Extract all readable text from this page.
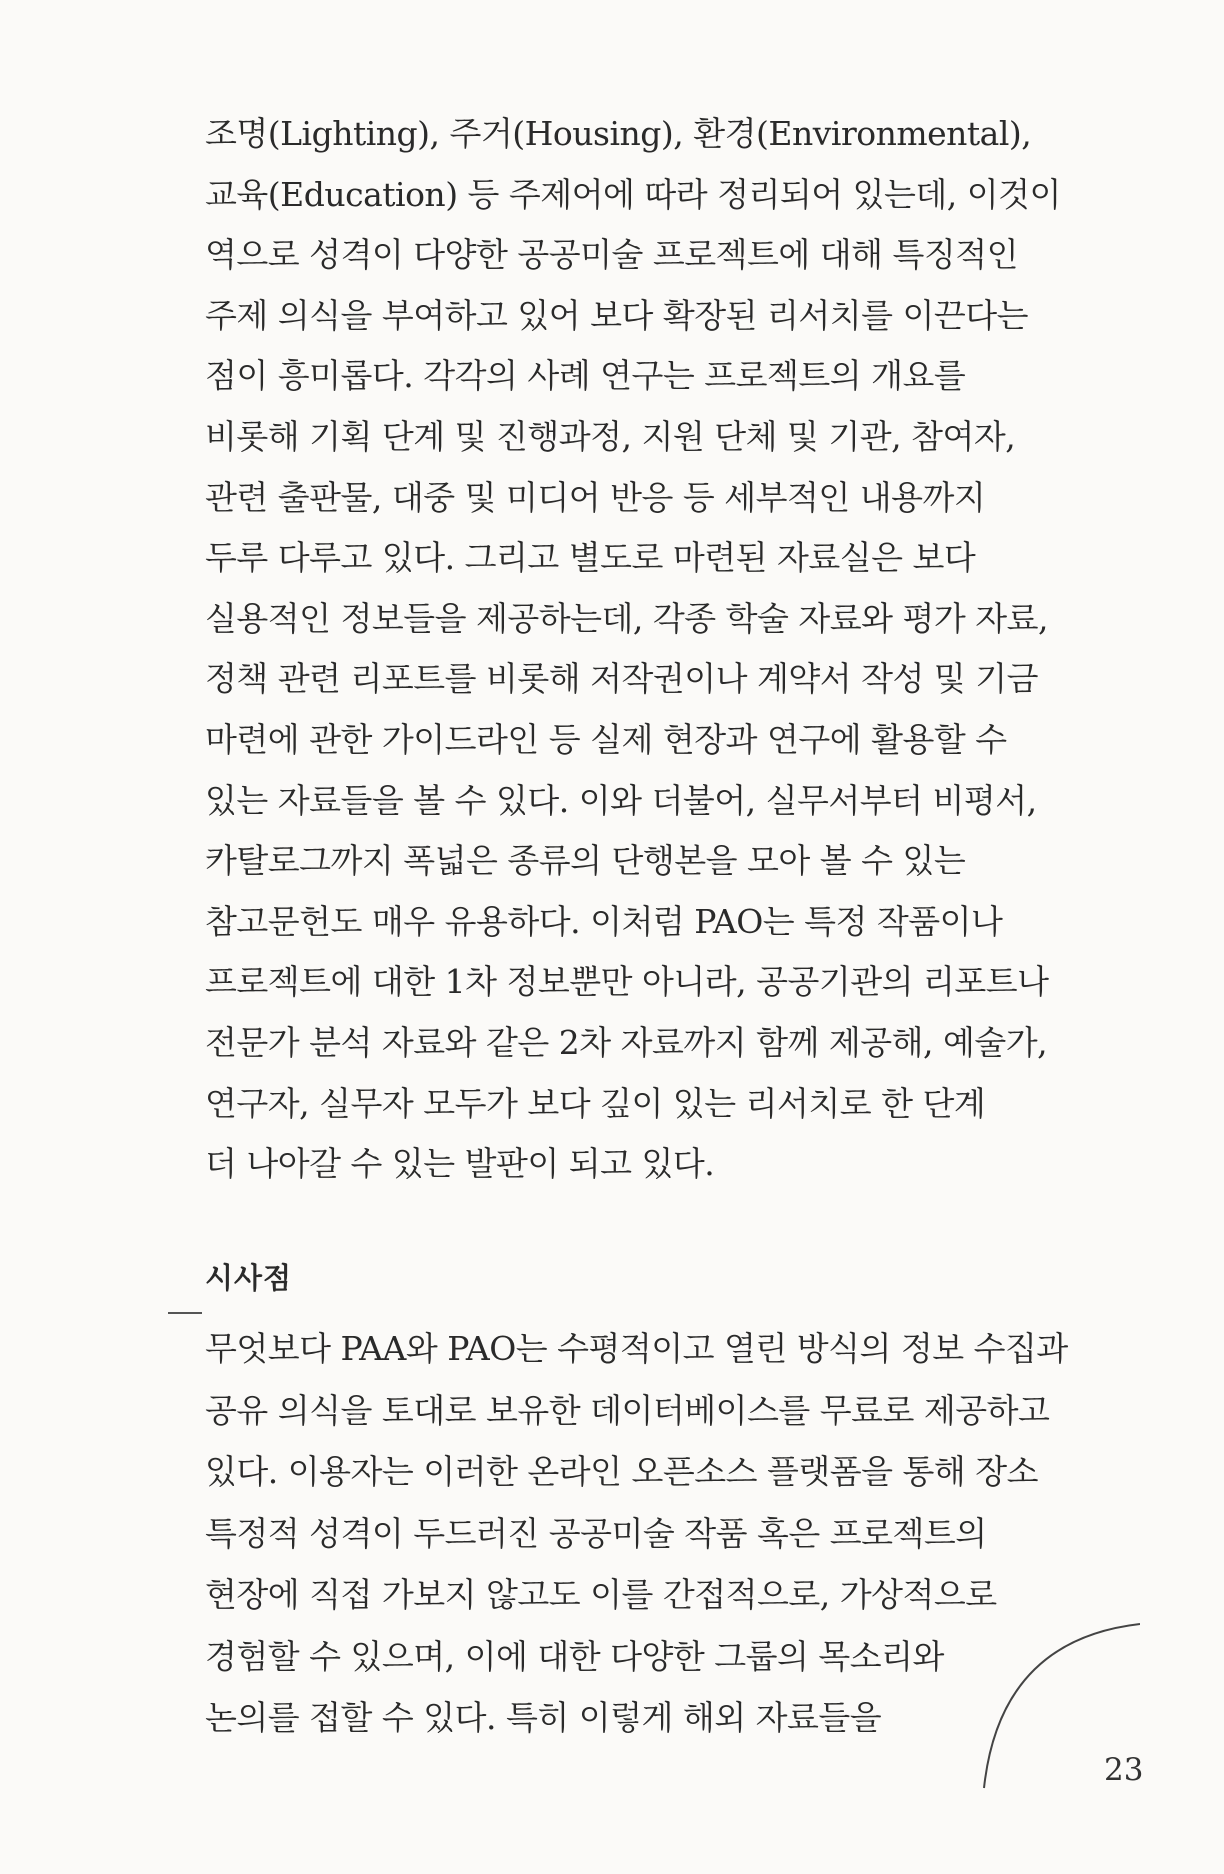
조명(Lighting), 주거(Housing), 환경(Environmental),
교육(Education) 등 주제어에 따라 정리되어 있는데, 이것이
역으로 성격이 다양한 공공미술 프로젝트에 대해 특징적인
주제 의식을 부여하고 있어 보다 확장된 리서치를 이끈다는
점이 흥미롭다. 각각의 사례 연구는 프로젝트의 개요를
비롯해 기획 단계 및 진행과정, 지원 단체 및 기관, 참여자,
관련 출판물, 대중 및 미디어 반응 등 세부적인 내용까지
두루 다루고 있다. 그리고 별도로 마련된 자료실은 보다
실용적인 정보들을 제공하는데, 각종 학술 자료와 평가 자료,
정책 관련 리포트를 비롯해 저작권이나 계약서 작성 및 기금
마련에 관한 가이드라인 등 실제 현장과 연구에 활용할 수
있는 자료들을 볼 수 있다. 이와 더불어, 실무서부터 비평서,
카탈로그까지 폭넓은 종류의 단행본을 모아 볼 수 있는
참고문헌도 매우 유용하다. 이처럼 PAO는 특정 작품이나
프로젝트에 대한 1차 정보뿐만 아니라, 공공기관의 리포트나
전문가 분석 자료와 같은 2차 자료까지 함께 제공해, 예술가,
연구자, 실무자 모두가 보다 깊이 있는 리서치로 한 단계
더 나아갈 수 있는 발판이 되고 있다.
시사점
무엇보다 PAA와 PAO는 수평적이고 열린 방식의 정보 수집과
공유 의식을 토대로 보유한 데이터베이스를 무료로 제공하고
있다. 이용자는 이러한 온라인 오픈소스 플랫폼을 통해 장소
특정적 성격이 두드러진 공공미술 작품 혹은 프로젝트의
현장에 직접 가보지 않고도 이를 간접적으로, 가상적으로
경험할 수 있으며, 이에 대한 다양한 그룹의 목소리와
논의를 접할 수 있다. 특히 이렇게 해외 자료들을
23
